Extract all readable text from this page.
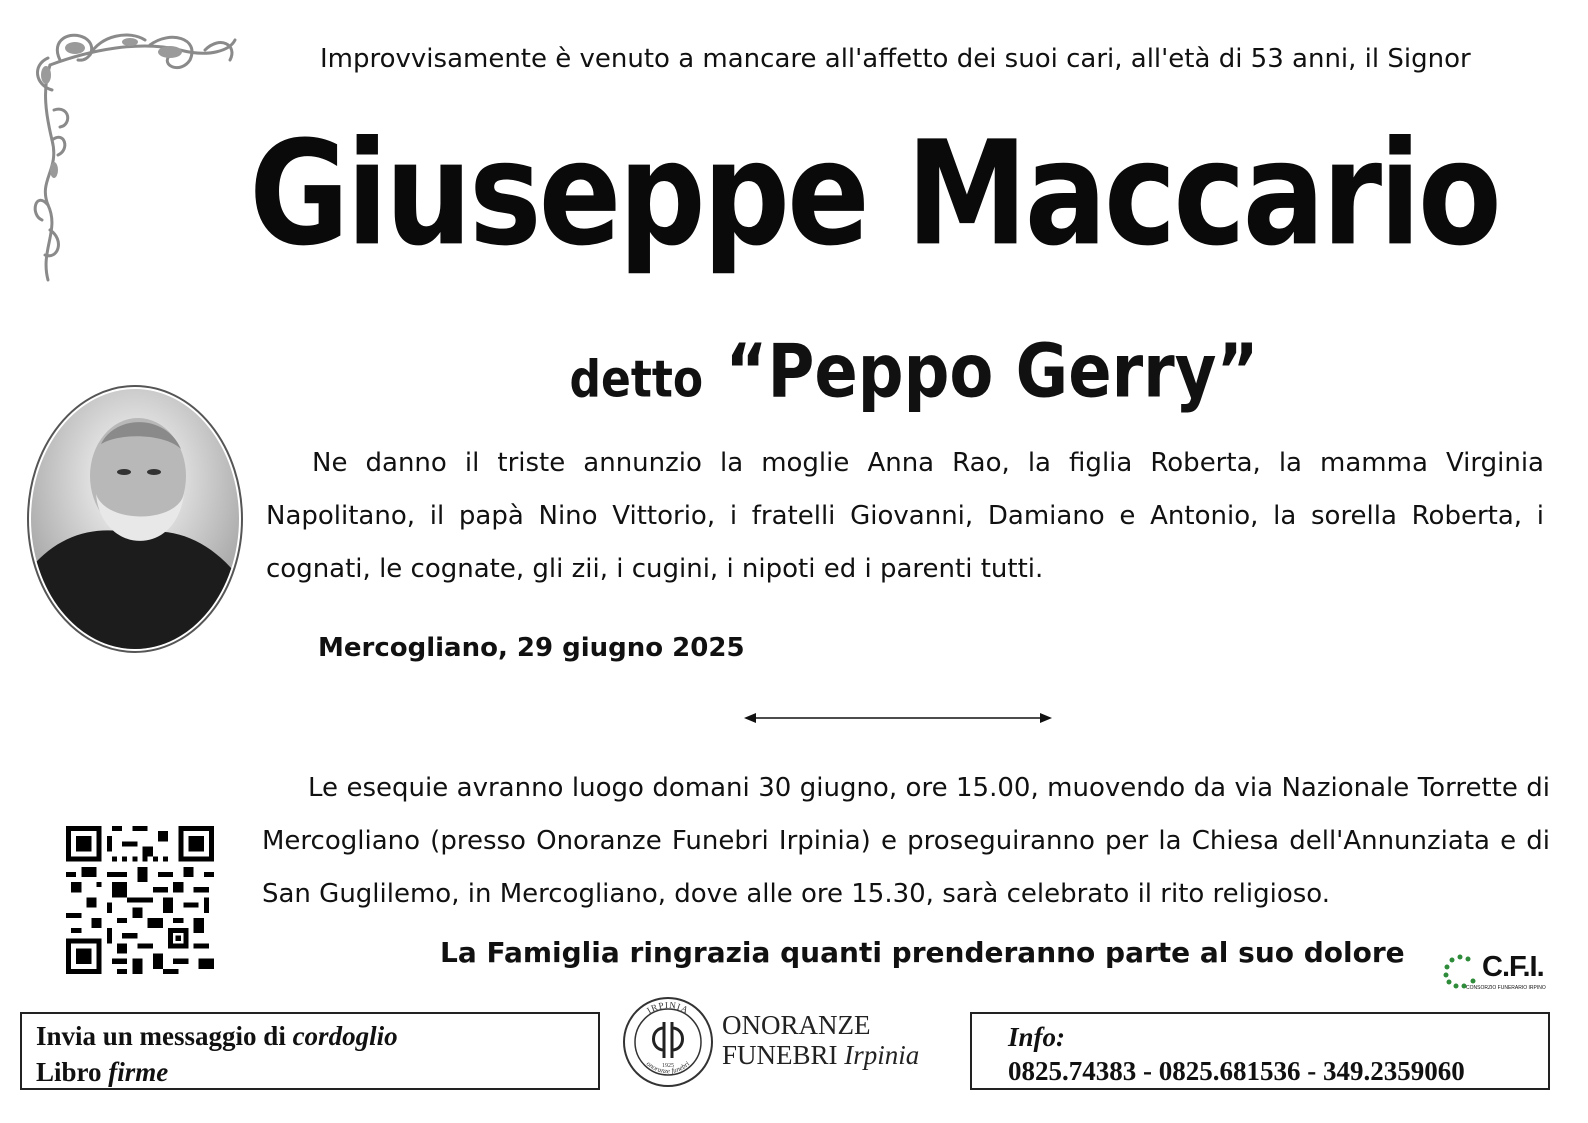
Improvvisamente è venuto a mancare all'affetto dei suoi cari, all'età di 53 anni, il Signor
Giuseppe Maccario
detto “Peppo Gerry”

Ne danno il triste annunzio la moglie Anna Rao, la figlia Roberta, la mamma Virginia Napolitano, il papà Nino Vittorio, i fratelli Giovanni, Damiano e Antonio, la sorella Roberta, i cognati, le cognate, gli zii, i cugini, i nipoti ed i parenti tutti.

Mercogliano, 29 giugno 2025

Le esequie avranno luogo domani 30 giugno, ore 15.00, muovendo da via Nazionale Torrette di Mercogliano (presso Onoranze Funebri Irpinia) e proseguiranno per la Chiesa dell'Annunziata e di San Guglilemo, in Mercogliano, dove alle ore 15.30, sarà celebrato il rito religioso.

La Famiglia ringrazia quanti prenderanno parte al suo dolore	C.F.I.
CONSORZIO FUNERARIO IRPINO
Invia un messaggio di cordoglio
Libro firme
IRPINIA
onoranze funebri
1925
ONORANZE
FUNEBRI Irpinia
Info:
0825.74383 - 0825.681536 - 349.2359060
